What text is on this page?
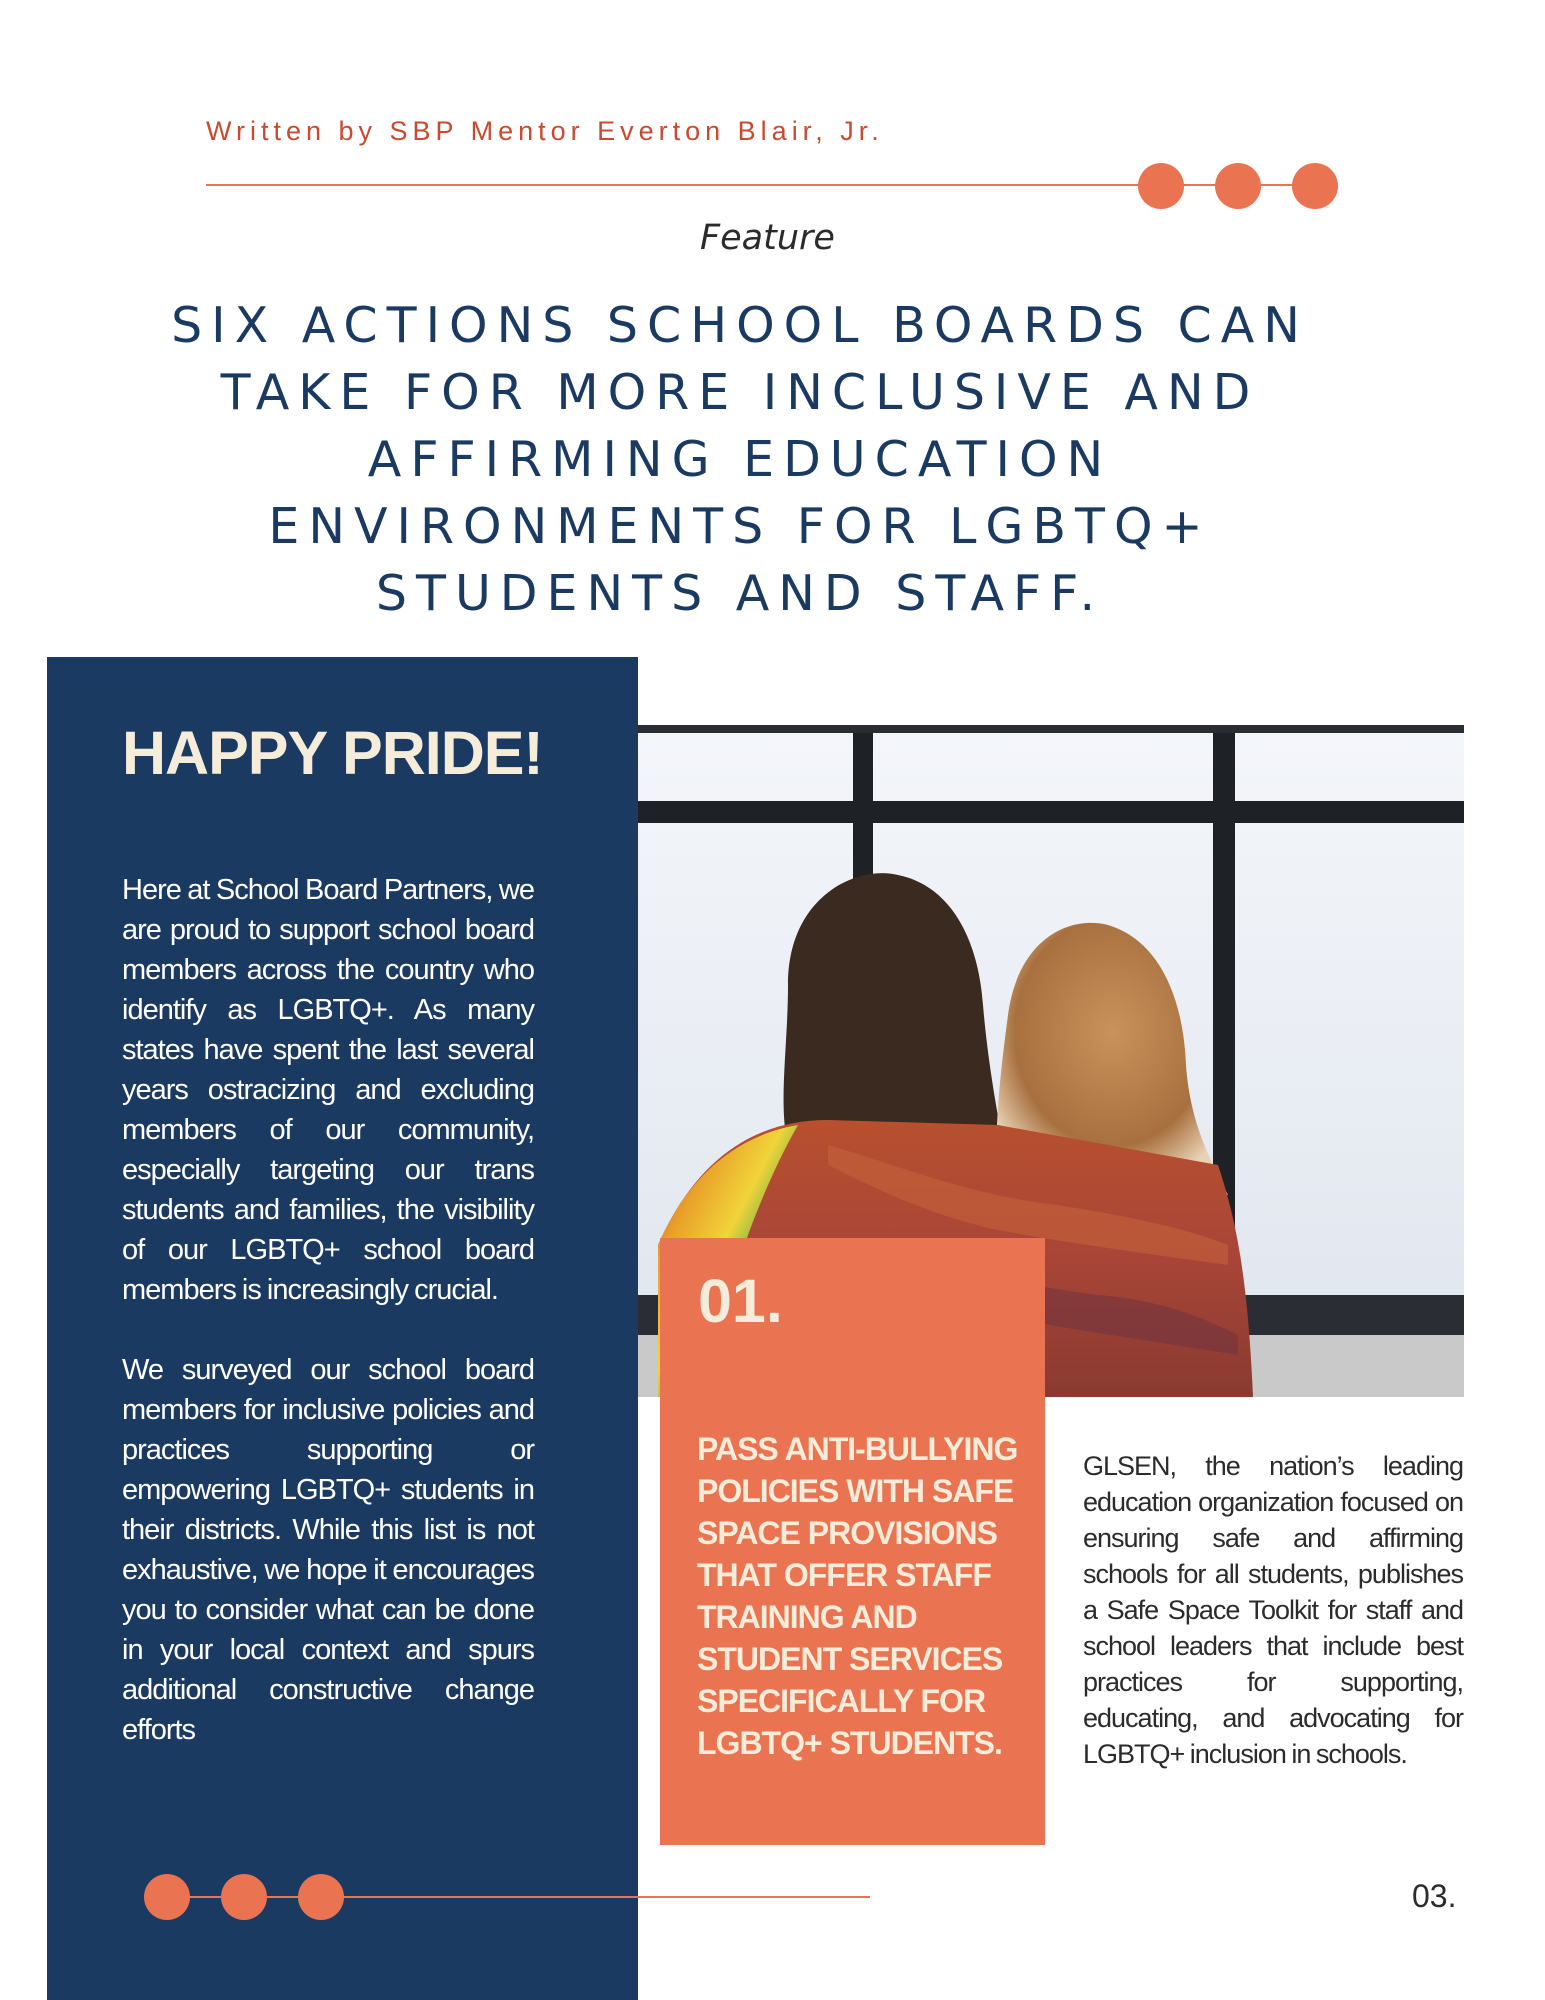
Written by SBP Mentor Everton Blair, Jr.
Feature
SIX ACTIONS SCHOOL BOARDS CAN TAKE FOR MORE INCLUSIVE AND AFFIRMING EDUCATION ENVIRONMENTS FOR LGBTQ+ STUDENTS AND STAFF.
HAPPY PRIDE!

Here at School Board Partners, we are proud to support school board members across the country who identify as LGBTQ+. As many states have spent the last several years ostracizing and excluding members of our community, especially targeting our trans students and families, the visibility of our LGBTQ+ school board members is increasingly crucial.

We surveyed our school board members for inclusive policies and practices supporting or empowering LGBTQ+ students in their districts. While this list is not exhaustive, we hope it encourages you to consider what can be done in your local context and spurs additional constructive change efforts

01.
PASS ANTI-BULLYING POLICIES WITH SAFE SPACE PROVISIONS THAT OFFER STAFF TRAINING AND STUDENT SERVICES SPECIFICALLY FOR LGBTQ+ STUDENTS.
GLSEN, the nation’s leading education organization focused on ensuring safe and affirming schools for all students, publishes a Safe Space Toolkit for staff and school leaders that include best practices for supporting, educating, and advocating for LGBTQ+ inclusion in schools.
03.
